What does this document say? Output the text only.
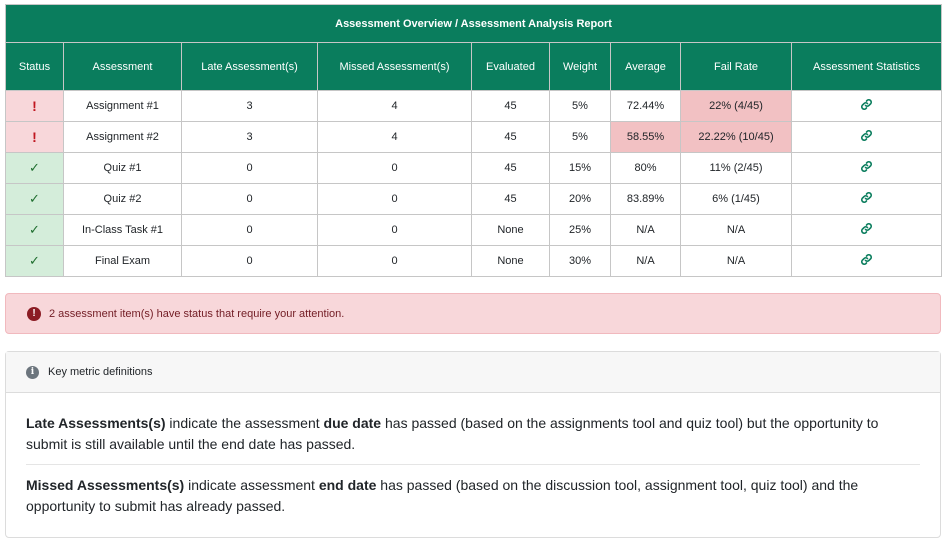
Assessment Overview / Assessment Analysis Report								
Status	Assessment	Late Assessment(s)	Missed Assessment(s)	Evaluated	Weight	Average	Fail Rate	Assessment Statistics
!	Assignment #1	3	4	45	5%	72.44%	22% (4/45)	

!	Assignment #2	3	4	45	5%	58.55%	22.22% (10/45)	

✓	Quiz #1	0	0	45	15%	80%	11% (2/45)	

✓	Quiz #2	0	0	45	20%	83.89%	6% (1/45)	

✓	In-Class Task #1	0	0	None	25%	N/A	N/A	

✓	Final Exam	0	0	None	30%	N/A	N/A	
!	2 assessment item(s) have status that require your attention.
i	Key metric definitions

Late Assessments(s) indicate the assessment due date has passed (based on the assignments tool and quiz tool) but the opportunity to submit is still available until the end date has passed.

Missed Assessments(s) indicate assessment end date has passed (based on the discussion tool, assignment tool, quiz tool) and the opportunity to submit has already passed.
